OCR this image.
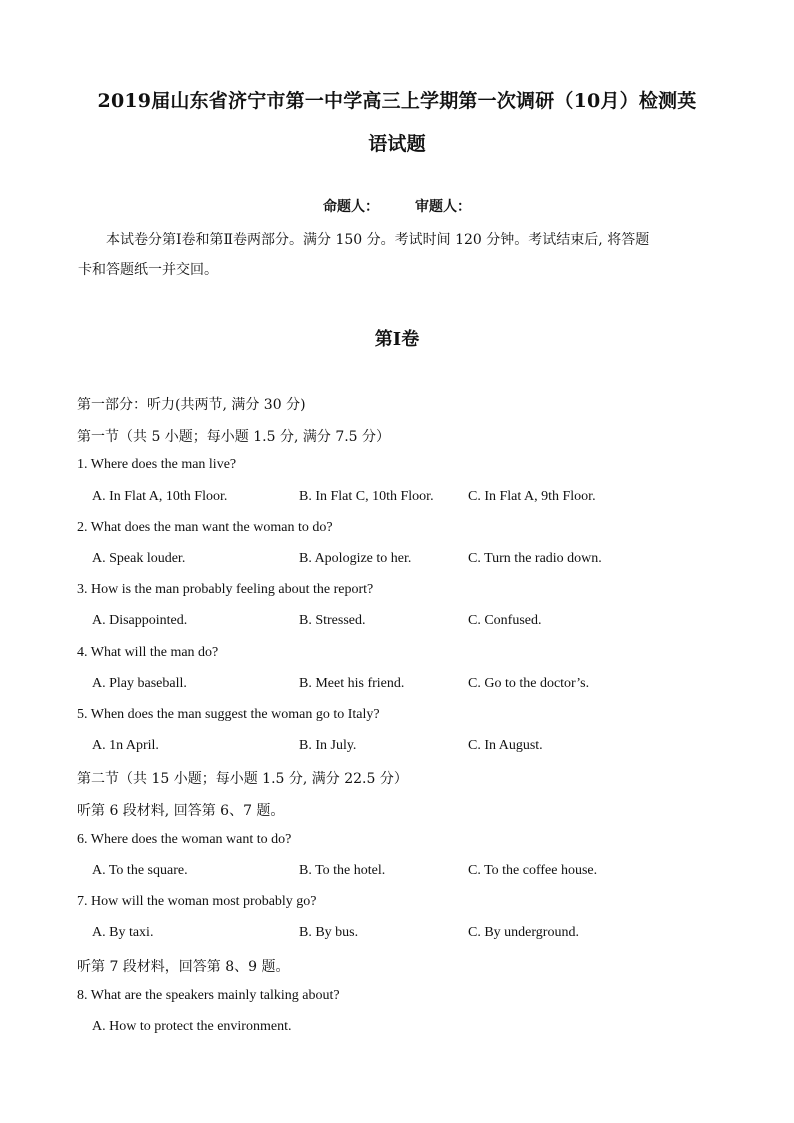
2019届山东省济宁市第一中学高三上学期第一次调研（10月）检测英
语试题
命题人：	审题人：
本试卷分第Ⅰ卷和第Ⅱ卷两部分。满分 150 分。考试时间 120 分钟。考试结束后, 将答题
卡和答题纸一并交回。
第Ⅰ卷
第一部分：听力(共两节, 满分 30 分)
第一节（共 5 小题；每小题 1.5 分, 满分 7.5 分）
1. Where does the man live?
A. In Flat A, 10th Floor.	B. In Flat C, 10th Floor. C. In Flat A, 9th Floor.
2. What does the man want the woman to do?
A. Speak louder.	B. Apologize to her.	C. Turn the radio down.
3. How is the man probably feeling about the report?
A. Disappointed.	B. Stressed.	C. Confused.
4. What will the man do?
A. Play baseball.	B. Meet his friend.	C. Go to the doctor’s.
5. When does the man suggest the woman go to Italy?
A. 1n April.	B. In July.	C. In August.
第二节（共 15 小题；每小题 1.5 分, 满分 22.5 分）
听第 6 段材料, 回答第 6、7 题。
6. Where does the woman want to do?
A. To the square.	B. To the hotel.	C. To the coffee house.
7. How will the woman most probably go?
A. By taxi.	B. By bus.	C. By underground.
听第 7 段材料，回答第 8、9 题。
8. What are the speakers mainly talking about?
A. How to protect the environment.
